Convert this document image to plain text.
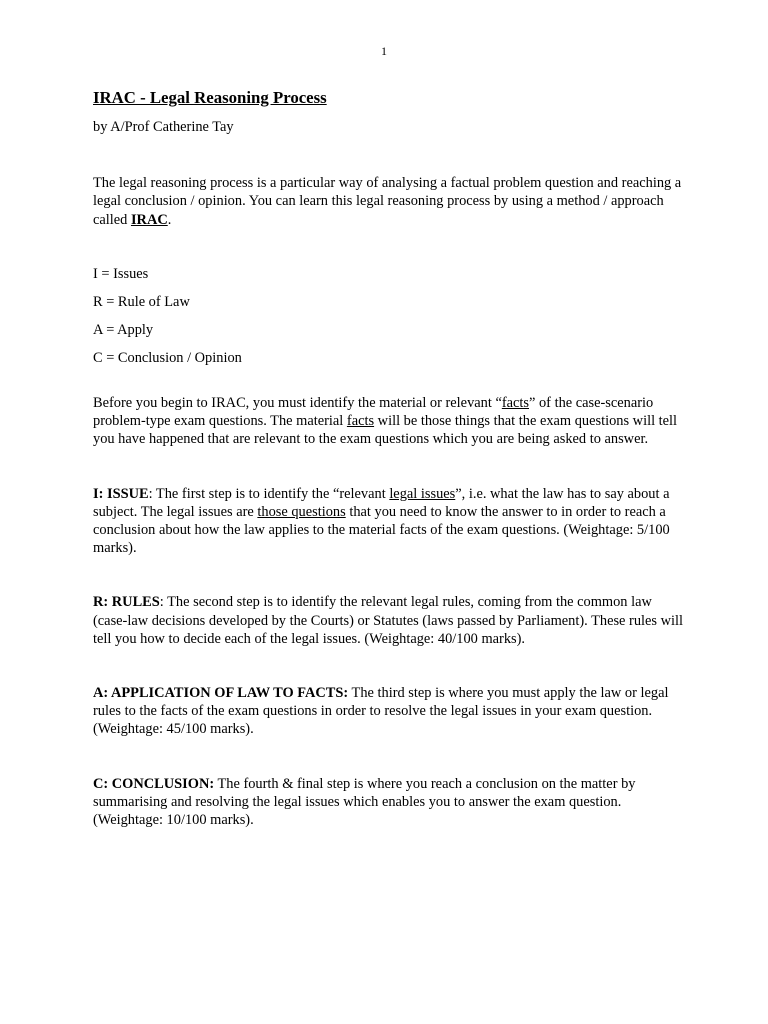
1
IRAC - Legal Reasoning Process

by A/Prof Catherine Tay

The legal reasoning process is a particular way of analysing a factual problem question and reaching a legal conclusion / opinion. You can learn this legal reasoning process by using a method / approach called IRAC.

I = Issues

R = Rule of Law

A = Apply

C = Conclusion / Opinion

Before you begin to IRAC, you must identify the material or relevant “facts” of the case-scenario problem-type exam questions. The material facts will be those things that the exam questions will tell you have happened that are relevant to the exam questions which you are being asked to answer.

I: ISSUE: The first step is to identify the “relevant legal issues”, i.e. what the law has to say about a subject. The legal issues are those questions that you need to know the answer to in order to reach a conclusion about how the law applies to the material facts of the exam questions. (Weightage: 5/100 marks).

R: RULES: The second step is to identify the relevant legal rules, coming from the common law (case-law decisions developed by the Courts) or Statutes (laws passed by Parliament). These rules will tell you how to decide each of the legal issues. (Weightage: 40/100 marks).

A: APPLICATION OF LAW TO FACTS: The third step is where you must apply the law or legal rules to the facts of the exam questions in order to resolve the legal issues in your exam question. (Weightage: 45/100 marks).

C: CONCLUSION: The fourth & final step is where you reach a conclusion on the matter by summarising and resolving the legal issues which enables you to answer the exam question. (Weightage: 10/100 marks).
